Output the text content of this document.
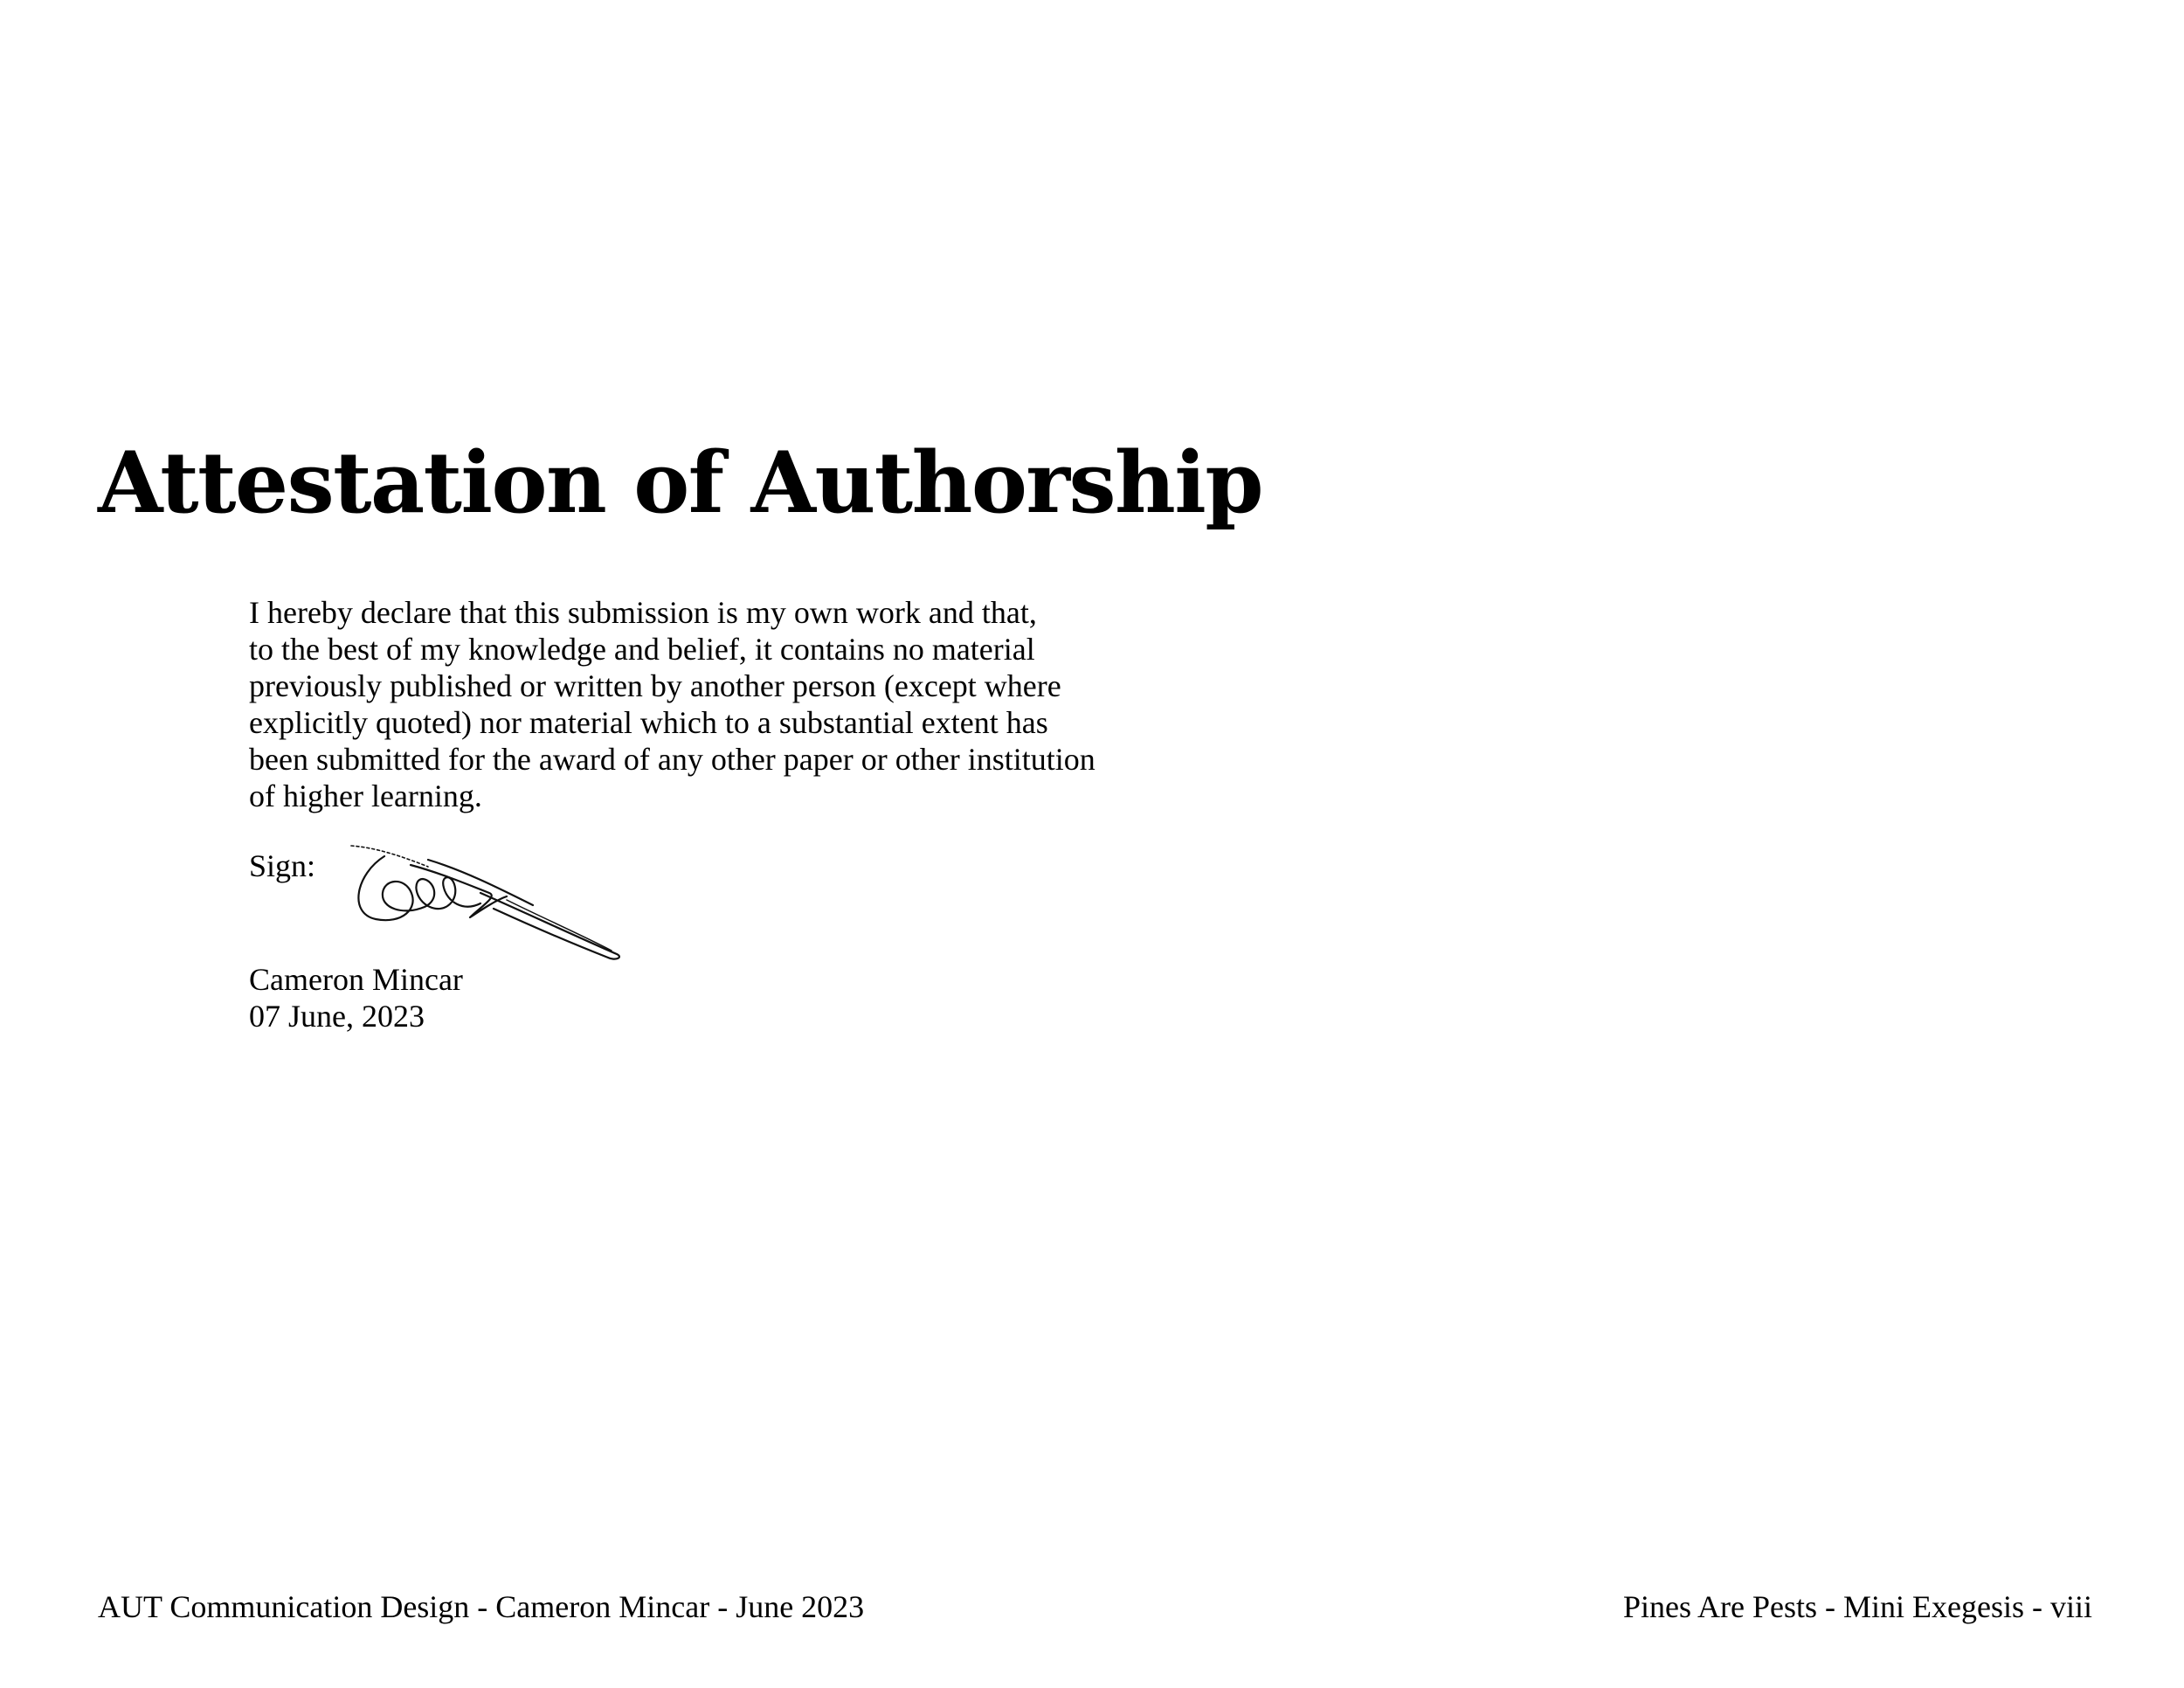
Attestation of Authorship

I hereby declare that this submission is my own work and that,
to the best of my knowledge and belief, it contains no material
previously published or written by another person (except where
explicitly quoted) nor material which to a substantial extent has
been submitted for the award of any other paper or other institution
of higher learning.

Sign:
Cameron Mincar
07 June, 2023
AUT Communication Design - Cameron Mincar - June 2023	Pines Are Pests - Mini Exegesis - viii
